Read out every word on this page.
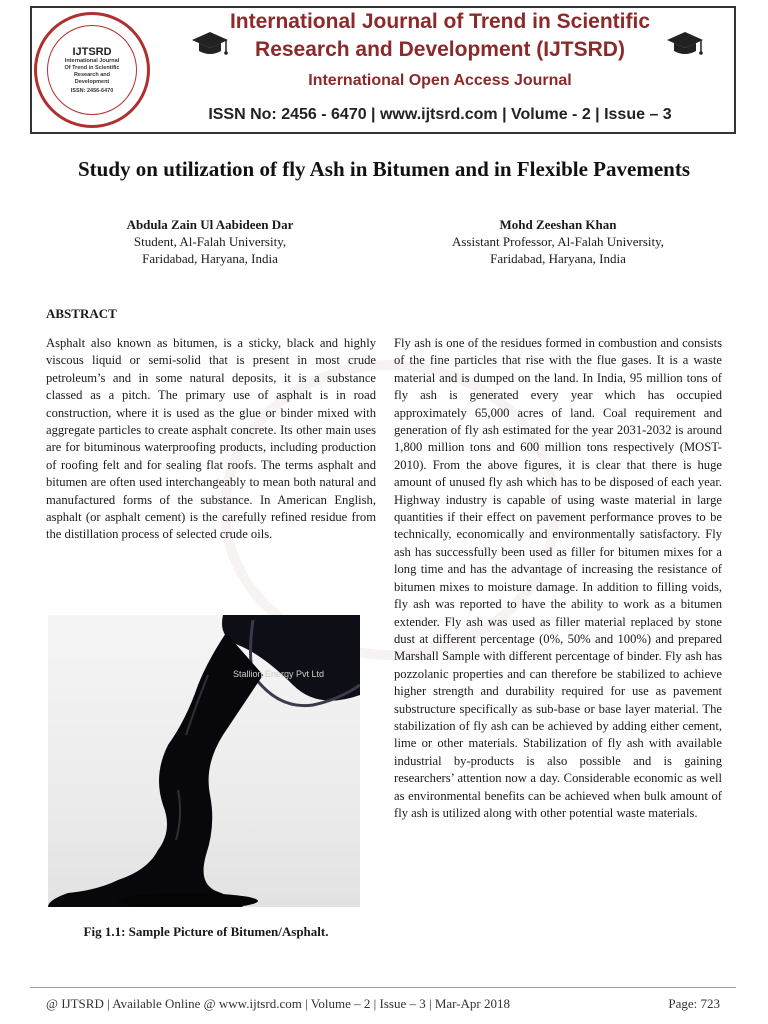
IJTSRD
International Journal
Of Trend in Scientific
Research and
Development
ISSN: 2456-6470
International Journal of Trend in Scientific
Research and Development (IJTSRD)
International Open Access Journal
ISSN No: 2456 - 6470 | www.ijtsrd.com | Volume - 2 | Issue – 3
Study on utilization of fly Ash in Bitumen and in Flexible Pavements
Abdula Zain Ul Aabideen Dar
Student, Al-Falah University,
Faridabad, Haryana, India
Mohd Zeeshan Khan
Assistant Professor, Al-Falah University,
Faridabad, Haryana, India
ABSTRACT
Asphalt also known as bitumen, is a sticky, black and highly viscous liquid or semi-solid that is present in most crude petroleum’s and in some natural deposits, it is a substance classed as a pitch. The primary use of asphalt is in road construction, where it is used as the glue or binder mixed with aggregate particles to create asphalt concrete. Its other main uses are for bituminous waterproofing products, including production of roofing felt and for sealing flat roofs. The terms asphalt and bitumen are often used interchangeably to mean both natural and manufactured forms of the substance. In American English, asphalt (or asphalt cement) is the carefully refined residue from the distillation process of selected crude oils.
Fly ash is one of the residues formed in combustion and consists of the fine particles that rise with the flue gases. It is a waste material and is dumped on the land. In India, 95 million tons of fly ash is generated every year which has occupied approximately 65,000 acres of land. Coal requirement and generation of fly ash estimated for the year 2031-2032 is around 1,800 million tons and 600 million tons respectively (MOST-2010). From the above figures, it is clear that there is huge amount of unused fly ash which has to be disposed of each year. Highway industry is capable of using waste material in large quantities if their effect on pavement performance proves to be technically, economically and environmentally satisfactory. Fly ash has successfully been used as filler for bitumen mixes for a long time and has the advantage of increasing the resistance of bitumen mixes to moisture damage. In addition to filling voids, fly ash was reported to have the ability to work as a bitumen extender. Fly ash was used as filler material replaced by stone dust at different percentage (0%, 50% and 100%) and prepared Marshall Sample with different percentage of binder. Fly ash has pozzolanic properties and can therefore be stabilized to achieve higher strength and durability required for use as pavement substructure specifically as sub-base or base layer material. The stabilization of fly ash can be achieved by adding either cement, lime or other materials. Stabilization of fly ash with available industrial by-products is also possible and is gaining researchers’ attention now a day. Considerable economic as well as environmental benefits can be achieved when bulk amount of fly ash is utilized along with other potential waste materials.
Stallion Energy Pvt Ltd
Fig 1.1: Sample Picture of Bitumen/Asphalt.
@ IJTSRD | Available Online @ www.ijtsrd.com | Volume – 2 | Issue – 3 | Mar-Apr 2018	Page: 723
